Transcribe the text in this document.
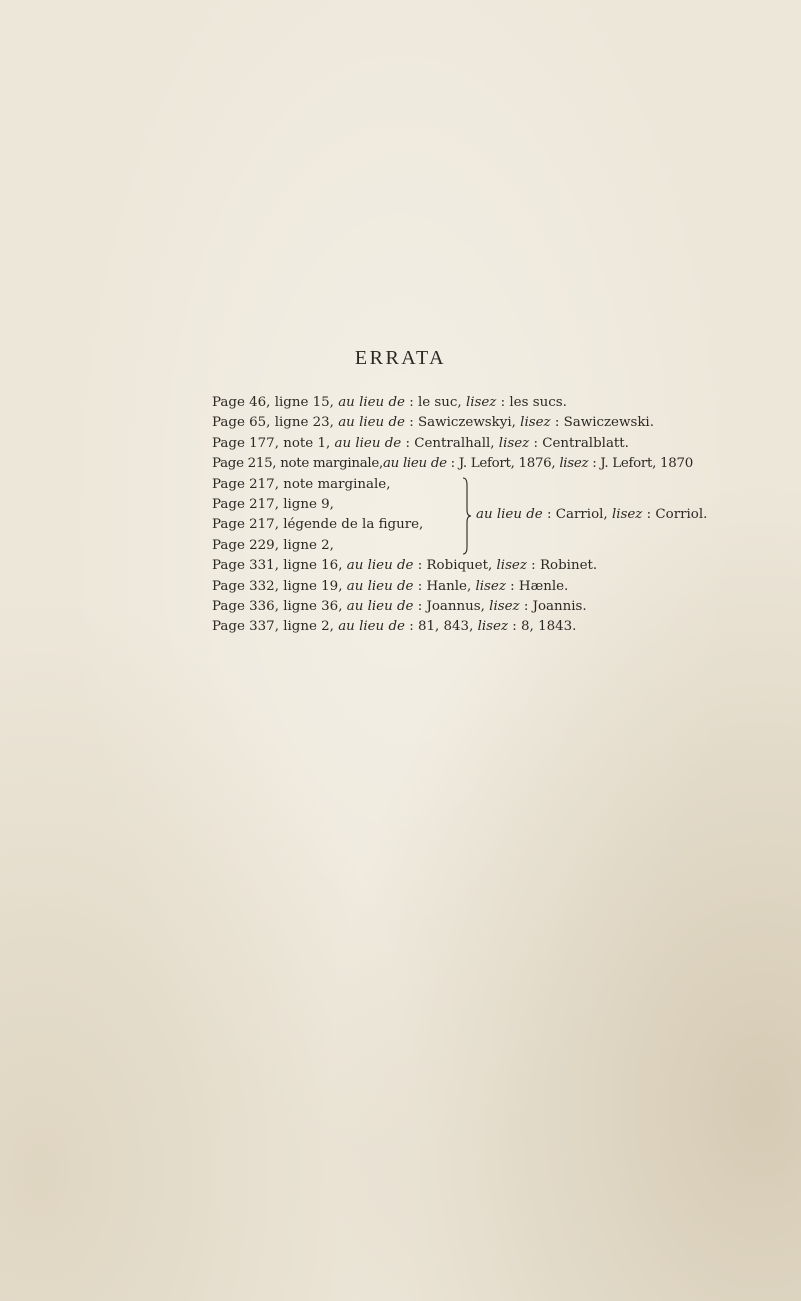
ERRATA
Page 46, ligne 15, au lieu de : le suc, lisez : les sucs.
Page 65, ligne 23, au lieu de : Sawiczewskyi, lisez : Sawiczewski.
Page 177, note 1, au lieu de : Centralhall, lisez : Centralblatt.
Page 215, note marginale,au lieu de : J. Lefort, 1876, lisez : J. Lefort, 1870
Page 217, note marginale,
Page 217, ligne 9,
Page 217, légende de la figure,
Page 229, ligne 2,
au lieu de : Carriol, lisez : Corriol.
Page 331, ligne 16, au lieu de : Robiquet, lisez : Robinet.
Page 332, ligne 19, au lieu de : Hanle, lisez : Hænle.
Page 336, ligne 36, au lieu de : Joannus, lisez : Joannis.
Page 337, ligne 2, au lieu de : 81, 843, lisez : 8, 1843.
